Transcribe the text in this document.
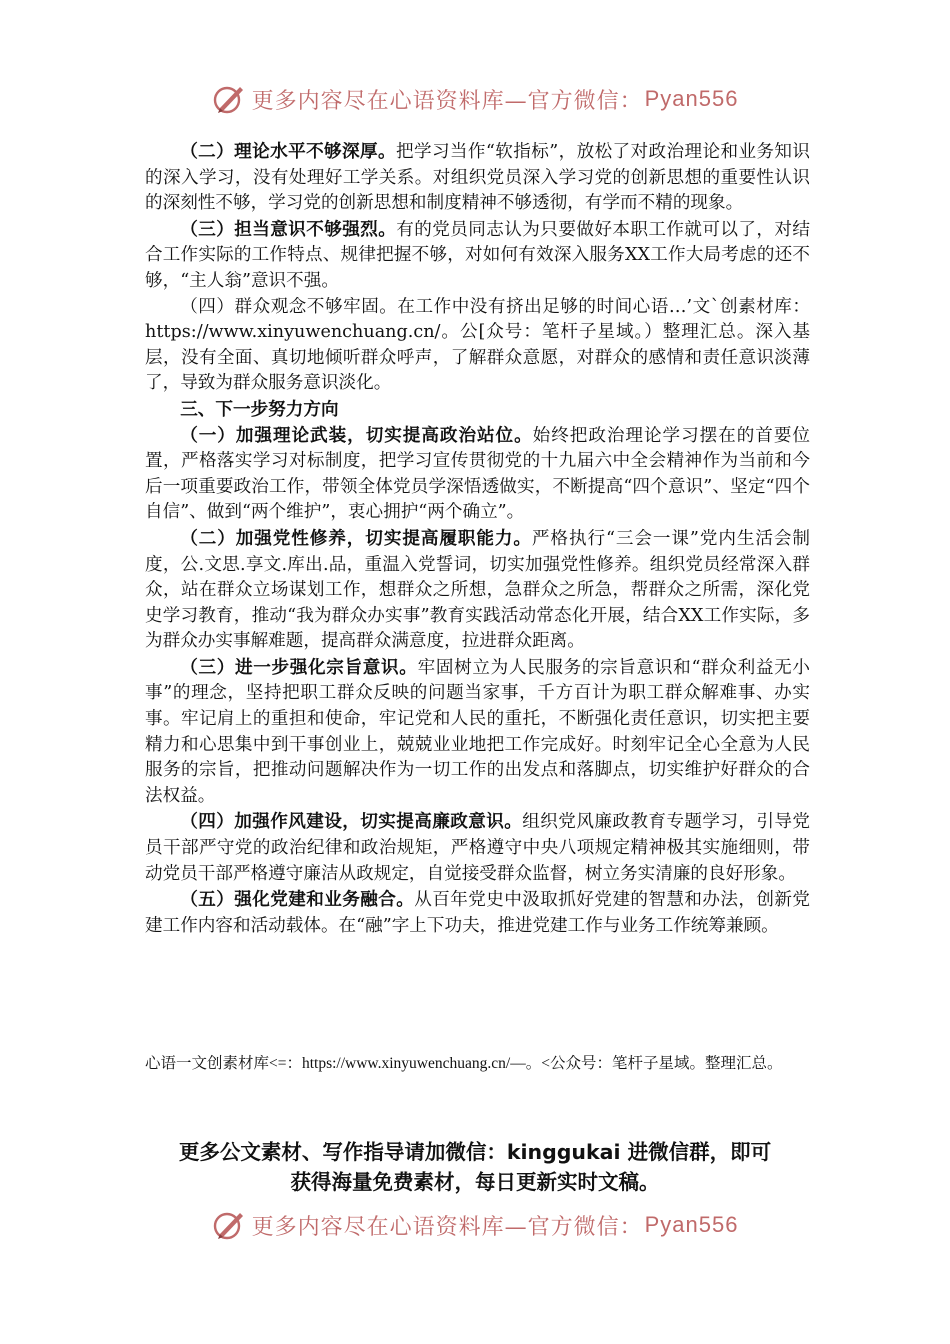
更多内容尽在心语资料库—官方微信： Pyan556

（二）理论水平不够深厚。把学习当作“软指标”，放松了对政治理论和业务知识的深入学习，没有处理好工学关系。对组织党员深入学习党的创新思想的重要性认识的深刻性不够，学习党的创新思想和制度精神不够透彻，有学而不精的现象。

（三）担当意识不够强烈。有的党员同志认为只要做好本职工作就可以了，对结合工作实际的工作特点、规律把握不够，对如何有效深入服务XX工作大局考虑的还不够，“主人翁”意识不强。

（四）群众观念不够牢固。在工作中没有挤出足够的时间心语…’文`创素材库：https://www.xinyuwenchuang.cn/。公[众号：笔杆子星域。）整理汇总。深入基层，没有全面、真切地倾听群众呼声，了解群众意愿，对群众的感情和责任意识淡薄了，导致为群众服务意识淡化。

三、下一步努力方向

（一）加强理论武装，切实提高政治站位。始终把政治理论学习摆在的首要位置，严格落实学习对标制度，把学习宣传贯彻党的十九届六中全会精神作为当前和今后一项重要政治工作，带领全体党员学深悟透做实，不断提高“四个意识”、坚定“四个自信”、做到“两个维护”，衷心拥护“两个确立”。

（二）加强党性修养，切实提高履职能力。严格执行“三会一课”党内生活会制度，公.文思.享文.库出.品，重温入党誓词，切实加强党性修养。组织党员经常深入群众，站在群众立场谋划工作，想群众之所想，急群众之所急，帮群众之所需，深化党史学习教育，推动“我为群众办实事”教育实践活动常态化开展，结合XX工作实际，多为群众办实事解难题，提高群众满意度，拉进群众距离。

（三）进一步强化宗旨意识。牢固树立为人民服务的宗旨意识和“群众利益无小事”的理念，坚持把职工群众反映的问题当家事，千方百计为职工群众解难事、办实事。牢记肩上的重担和使命，牢记党和人民的重托，不断强化责任意识，切实把主要精力和心思集中到干事创业上，兢兢业业地把工作完成好。时刻牢记全心全意为人民服务的宗旨，把推动问题解决作为一切工作的出发点和落脚点，切实维护好群众的合法权益。

（四）加强作风建设，切实提高廉政意识。组织党风廉政教育专题学习，引导党员干部严守党的政治纪律和政治规矩，严格遵守中央八项规定精神极其实施细则，带动党员干部严格遵守廉洁从政规定，自觉接受群众监督，树立务实清廉的良好形象。

（五）强化党建和业务融合。从百年党史中汲取抓好党建的智慧和办法，创新党建工作内容和活动载体。在“融”字上下功夫，推进党建工作与业务工作统筹兼顾。

心语一文创素材库<=：https://www.xinyuwenchuang.cn/—。<公众号：笔杆子星域。整理汇总。
更多公文素材、写作指导请加微信：kinggukai 进微信群，即可
获得海量免费素材，每日更新实时文稿。
更多内容尽在心语资料库—官方微信： Pyan556
